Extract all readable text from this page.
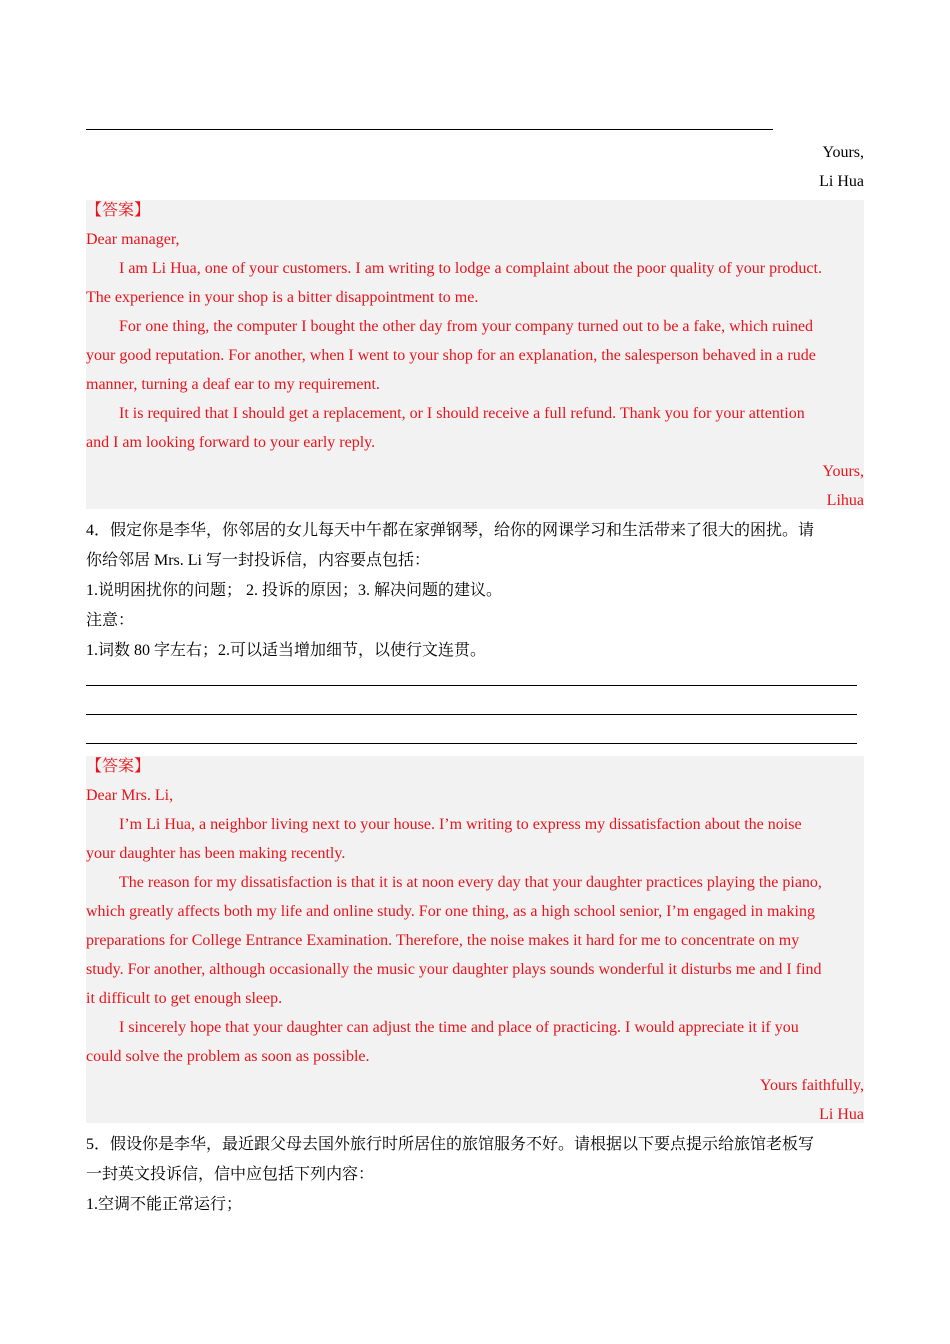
Yours,
Li Hua
【答案】
Dear manager,
I am Li Hua, one of your customers. I am writing to lodge a complaint about the poor quality of your product.
The experience in your shop is a bitter disappointment to me.
For one thing, the computer I bought the other day from your company turned out to be a fake, which ruined
your good reputation. For another, when I went to your shop for an explanation, the salesperson behaved in a rude
manner, turning a deaf ear to my requirement.
It is required that I should get a replacement, or I should receive a full refund. Thank you for your attention
and I am looking forward to your early reply.
Yours,
Lihua
4．假定你是李华，你邻居的女儿每天中午都在家弹钢琴，给你的网课学习和生活带来了很大的困扰。请
你给邻居 Mrs. Li 写一封投诉信，内容要点包括：
1.说明困扰你的问题； 2. 投诉的原因；3. 解决问题的建议。
注意：
1.词数 80 字左右；2.可以适当增加细节，以使行文连贯。
【答案】
Dear Mrs. Li,
I’m Li Hua, a neighbor living next to your house. I’m writing to express my dissatisfaction about the noise
your daughter has been making recently.
The reason for my dissatisfaction is that it is at noon every day that your daughter practices playing the piano,
which greatly affects both my life and online study. For one thing, as a high school senior, I’m engaged in making
preparations for College Entrance Examination. Therefore, the noise makes it hard for me to concentrate on my
study. For another, although occasionally the music your daughter plays sounds wonderful it disturbs me and I find
it difficult to get enough sleep.
I sincerely hope that your daughter can adjust the time and place of practicing. I would appreciate it if you
could solve the problem as soon as possible.
Yours faithfully,
Li Hua
5．假设你是李华，最近跟父母去国外旅行时所居住的旅馆服务不好。请根据以下要点提示给旅馆老板写
一封英文投诉信，信中应包括下列内容：
1.空调不能正常运行；
